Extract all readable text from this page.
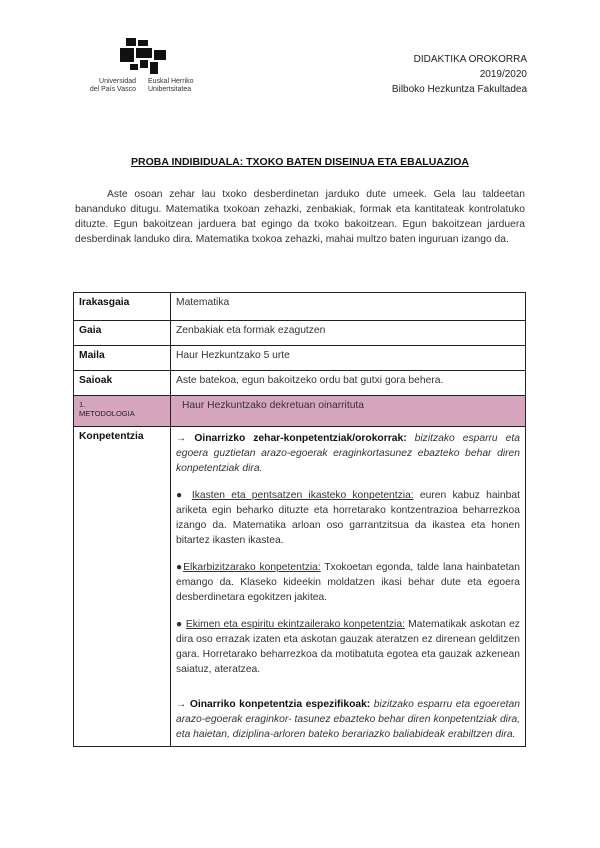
Universidad
del País Vasco
Euskal Herriko
Unibertsitatea
DIDAKTIKA OROKORRA
2019/2020
Bilboko Hezkuntza Fakultadea
PROBA INDIBIDUALA: TXOKO BATEN DISEINUA ETA EBALUAZIOA
Aste osoan zehar lau txoko desberdinetan jarduko dute umeek. Gela lau taldeetan bananduko ditugu. Matematika txokoan zehazki, zenbakiak, formak eta kantitateak kontrolatuko dituzte. Egun bakoitzean jarduera bat egingo da txoko bakoitzean. Egun bakoitzean jarduera desberdinak landuko dira. Matematika txokoa zehazki, mahai multzo baten inguruan izango da.
Irakasgaia	Matematika
Gaia	Zenbakiak eta formak ezagutzen
Maila	Haur Hezkuntzako 5 urte
Saioak	Aste batekoa, egun bakoitzeko ordu bat gutxi gora behera.

1.
METODOLOGIA	Haur Hezkuntzako dekretuan oinarrituta
Konpetentzia	→ Oinarrizko zehar-konpetentziak/orokorrak: bizitzako esparru eta egoera guztietan arazo-egoerak eraginkortasunez ebazteko behar diren konpetentziak dira.

● Ikasten eta pentsatzen ikasteko konpetentzia: euren kabuz hainbat ariketa egin beharko dituzte eta horretarako kontzentrazioa beharrezkoa izango da. Matematika arloan oso garrantzitsua da ikastea eta honen bitartez ikasten ikastea.

●Elkarbizitzarako konpetentzia: Txokoetan egonda, talde lana hainbatetan emango da. Klaseko kideekin moldatzen ikasi behar dute eta egoera desberdinetara egokitzen jakitea.

● Ekimen eta espiritu ekintzailerako konpetentzia: Matematikak askotan ez dira oso errazak izaten eta askotan gauzak ateratzen ez direnean gelditzen gara. Horretarako beharrezkoa da motibatuta egotea eta gauzak azkenean saiatuz, ateratzea.

→ Oinarriko konpetentzia espezifikoak: bizitzako esparru eta egoeretan arazo-egoerak eraginkor- tasunez ebazteko behar diren konpetentziak dira, eta haietan, diziplina-arloren bateko berariazko baliabideak erabiltzen dira.
